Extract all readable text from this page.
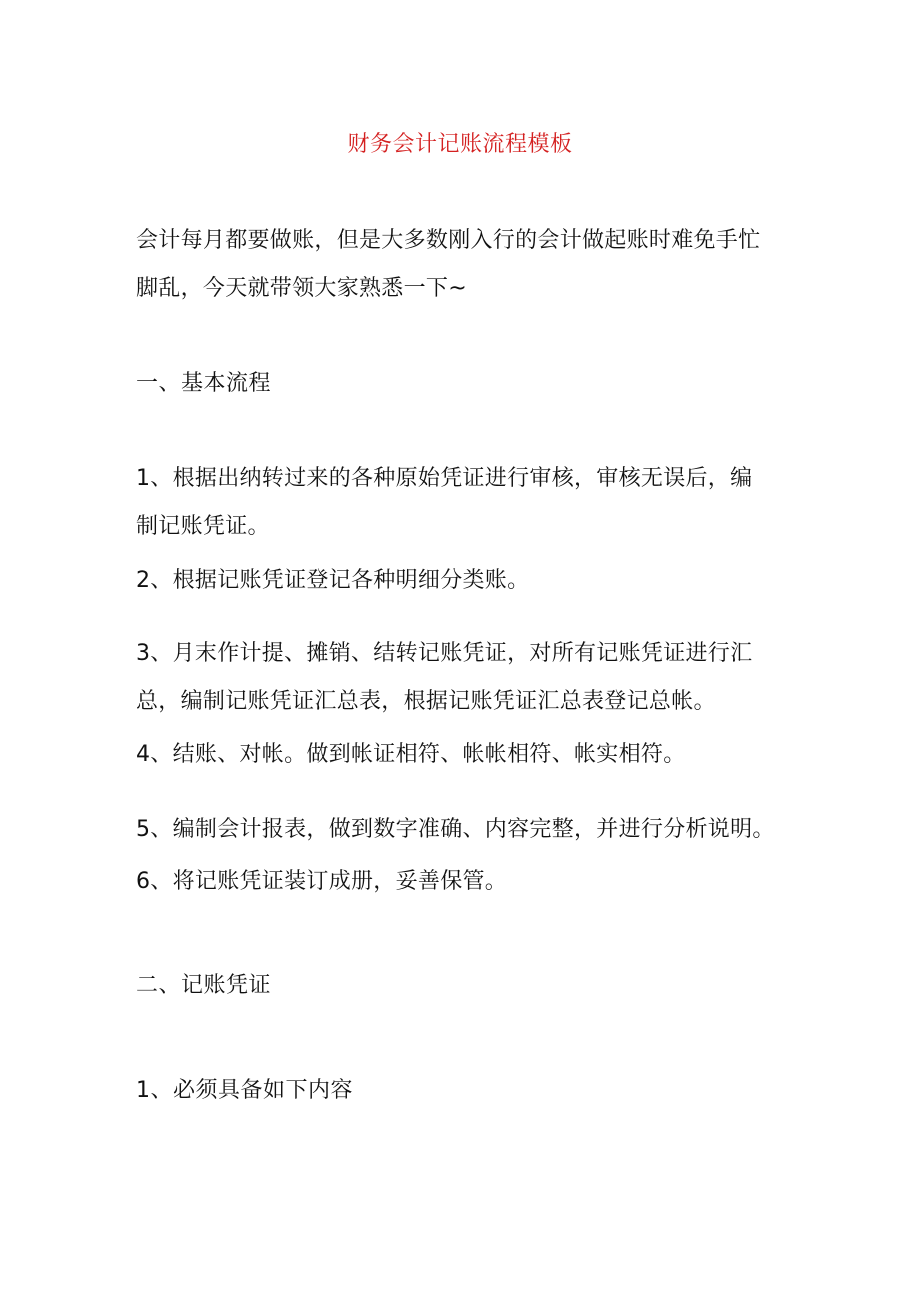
财务会计记账流程模板
会计每月都要做账，但是大多数刚入行的会计做起账时难免手忙
脚乱，今天就带领大家熟悉一下~
一、基本流程
1、根据出纳转过来的各种原始凭证进行审核，审核无误后，编
制记账凭证。
2、根据记账凭证登记各种明细分类账。
3、月末作计提、摊销、结转记账凭证，对所有记账凭证进行汇
总，编制记账凭证汇总表，根据记账凭证汇总表登记总帐。
4、结账、对帐。做到帐证相符、帐帐相符、帐实相符。
5、编制会计报表，做到数字准确、内容完整，并进行分析说明。
6、将记账凭证装订成册，妥善保管。
二、记账凭证
1、必须具备如下内容
